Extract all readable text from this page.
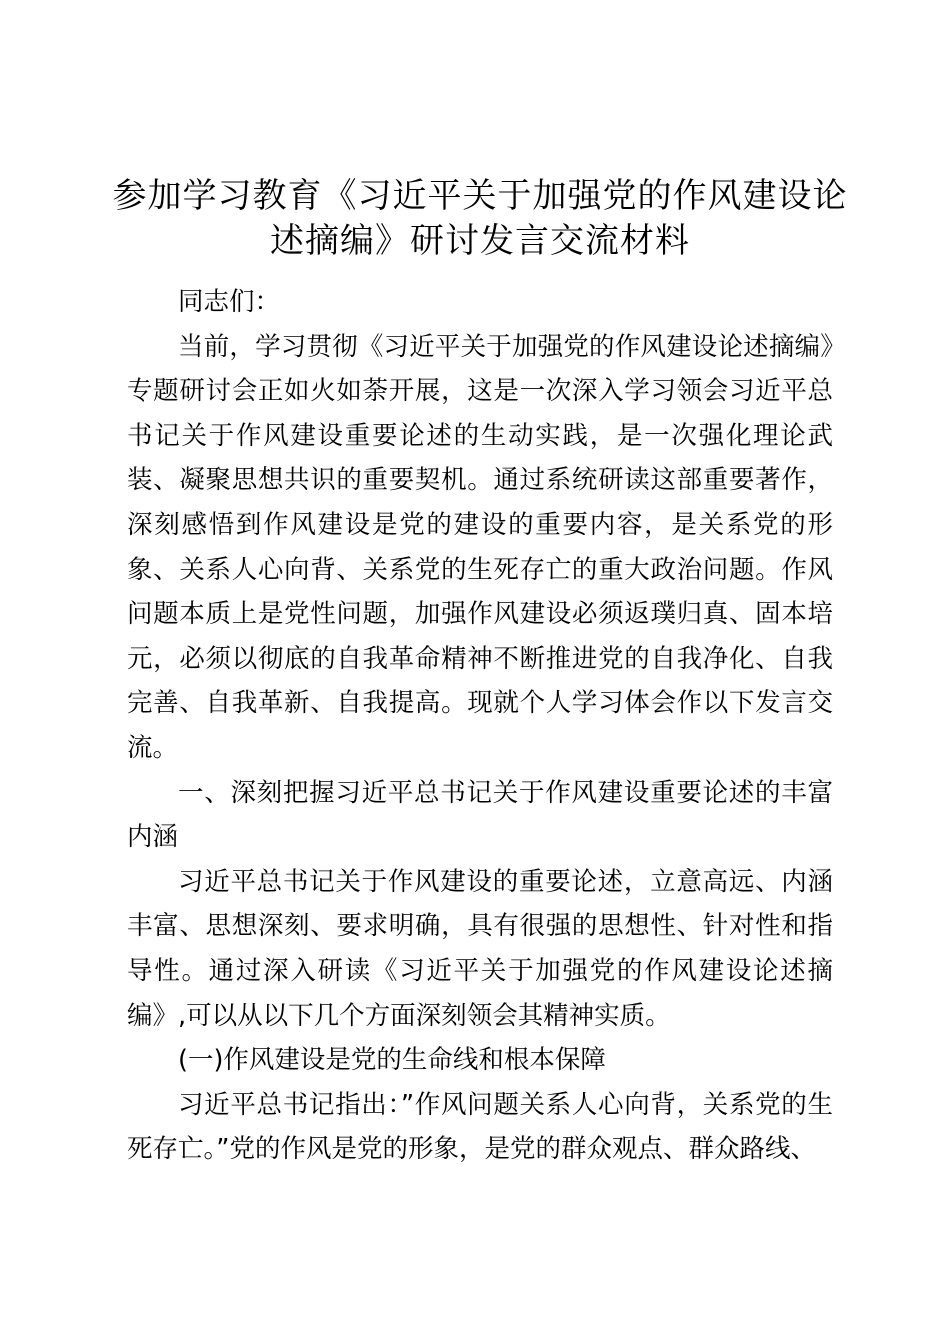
参加学习教育《习近平关于加强党的作风建设论述摘编》研讨发言交流材料

同志们：

当前，学习贯彻《习近平关于加强党的作风建设论述摘编》专题研讨会正如火如荼开展，这是一次深入学习领会习近平总书记关于作风建设重要论述的生动实践，是一次强化理论武装、凝聚思想共识的重要契机。通过系统研读这部重要著作，深刻感悟到作风建设是党的建设的重要内容，是关系党的形象、关系人心向背、关系党的生死存亡的重大政治问题。作风问题本质上是党性问题，加强作风建设必须返璞归真、固本培元，必须以彻底的自我革命精神不断推进党的自我净化、自我完善、自我革新、自我提高。现就个人学习体会作以下发言交流。

一、深刻把握习近平总书记关于作风建设重要论述的丰富内涵

习近平总书记关于作风建设的重要论述，立意高远、内涵丰富、思想深刻、要求明确，具有很强的思想性、针对性和指导性。通过深入研读《习近平关于加强党的作风建设论述摘编》,可以从以下几个方面深刻领会其精神实质。

(一)作风建设是党的生命线和根本保障

习近平总书记指出：”作风问题关系人心向背，关系党的生死存亡。”党的作风是党的形象，是党的群众观点、群众路线、
